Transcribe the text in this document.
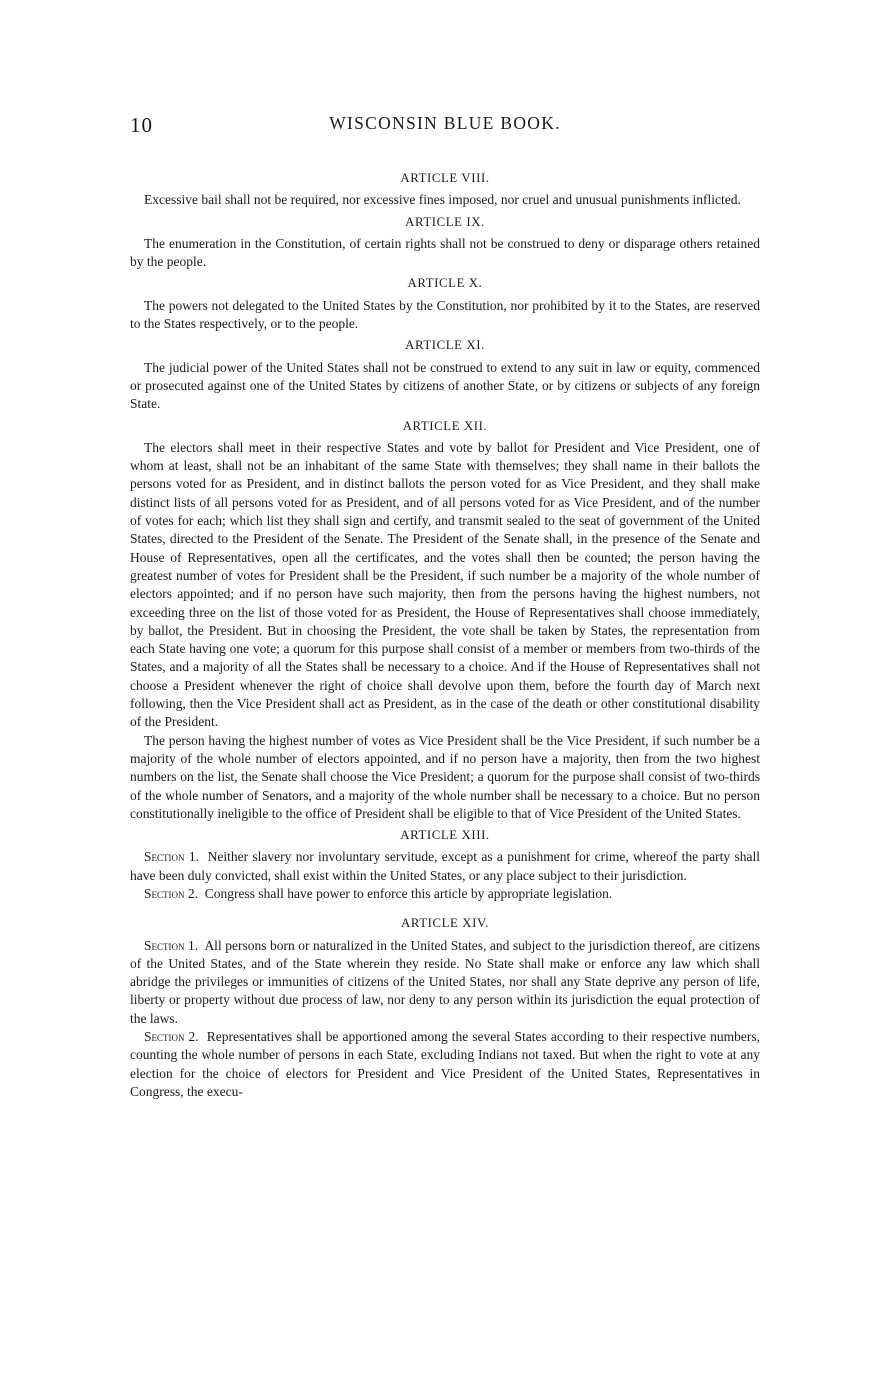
10	WISCONSIN BLUE BOOK.
ARTICLE VIII.

Excessive bail shall not be required, nor excessive fines imposed, nor cruel and unusual punishments inflicted.

ARTICLE IX.

The enumeration in the Constitution, of certain rights shall not be construed to deny or disparage others retained by the people.

ARTICLE X.

The powers not delegated to the United States by the Constitution, nor prohibited by it to the States, are reserved to the States respectively, or to the people.

ARTICLE XI.

The judicial power of the United States shall not be construed to extend to any suit in law or equity, commenced or prosecuted against one of the United States by citizens of another State, or by citizens or subjects of any foreign State.

ARTICLE XII.

The electors shall meet in their respective States and vote by ballot for President and Vice President, one of whom at least, shall not be an inhabitant of the same State with themselves; they shall name in their ballots the persons voted for as President, and in distinct ballots the person voted for as Vice President, and they shall make distinct lists of all persons voted for as President, and of all persons voted for as Vice President, and of the number of votes for each; which list they shall sign and certify, and transmit sealed to the seat of government of the United States, directed to the President of the Senate. The President of the Senate shall, in the presence of the Senate and House of Representatives, open all the certificates, and the votes shall then be counted; the person having the greatest number of votes for President shall be the President, if such number be a majority of the whole number of electors appointed; and if no person have such majority, then from the persons having the highest numbers, not exceeding three on the list of those voted for as President, the House of Representatives shall choose immediately, by ballot, the President. But in choosing the President, the vote shall be taken by States, the representation from each State having one vote; a quorum for this purpose shall consist of a member or members from two-thirds of the States, and a majority of all the States shall be necessary to a choice. And if the House of Representatives shall not choose a President whenever the right of choice shall devolve upon them, before the fourth day of March next following, then the Vice President shall act as President, as in the case of the death or other constitutional disability of the President.

The person having the highest number of votes as Vice President shall be the Vice President, if such number be a majority of the whole number of electors appointed, and if no person have a majority, then from the two highest numbers on the list, the Senate shall choose the Vice President; a quorum for the purpose shall consist of two-thirds of the whole number of Senators, and a majority of the whole number shall be necessary to a choice. But no person constitutionally ineligible to the office of President shall be eligible to that of Vice President of the United States.

ARTICLE XIII.

Section 1. Neither slavery nor involuntary servitude, except as a punishment for crime, whereof the party shall have been duly convicted, shall exist within the United States, or any place subject to their jurisdiction.

Section 2. Congress shall have power to enforce this article by appropriate legislation.

ARTICLE XIV.

Section 1. All persons born or naturalized in the United States, and subject to the jurisdiction thereof, are citizens of the United States, and of the State wherein they reside. No State shall make or enforce any law which shall abridge the privileges or immunities of citizens of the United States, nor shall any State deprive any person of life, liberty or property without due process of law, nor deny to any person within its jurisdiction the equal protection of the laws.

Section 2. Representatives shall be apportioned among the several States according to their respective numbers, counting the whole number of persons in each State, excluding Indians not taxed. But when the right to vote at any election for the choice of electors for President and Vice President of the United States, Representatives in Congress, the execu-
